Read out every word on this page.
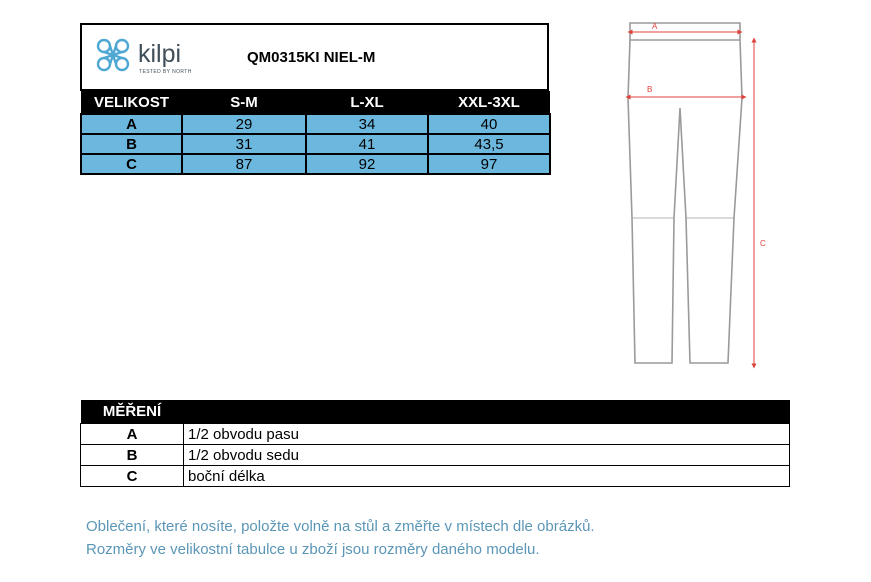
kilpi
TESTED BY NORTH
QM0315KI NIEL-M
VELIKOST	S-M	L-XL	XXL-3XL
A	29	34	40
B	31	41	43,5
C	87	92	97
A
B
C
MĚŘENÍ	
A	1/2 obvodu pasu
B	1/2 obvodu sedu
C	boční délka
Oblečení, které nosíte, položte volně na stůl a změřte v místech dle obrázků.
Rozměry ve velikostní tabulce u zboží jsou rozměry daného modelu.
